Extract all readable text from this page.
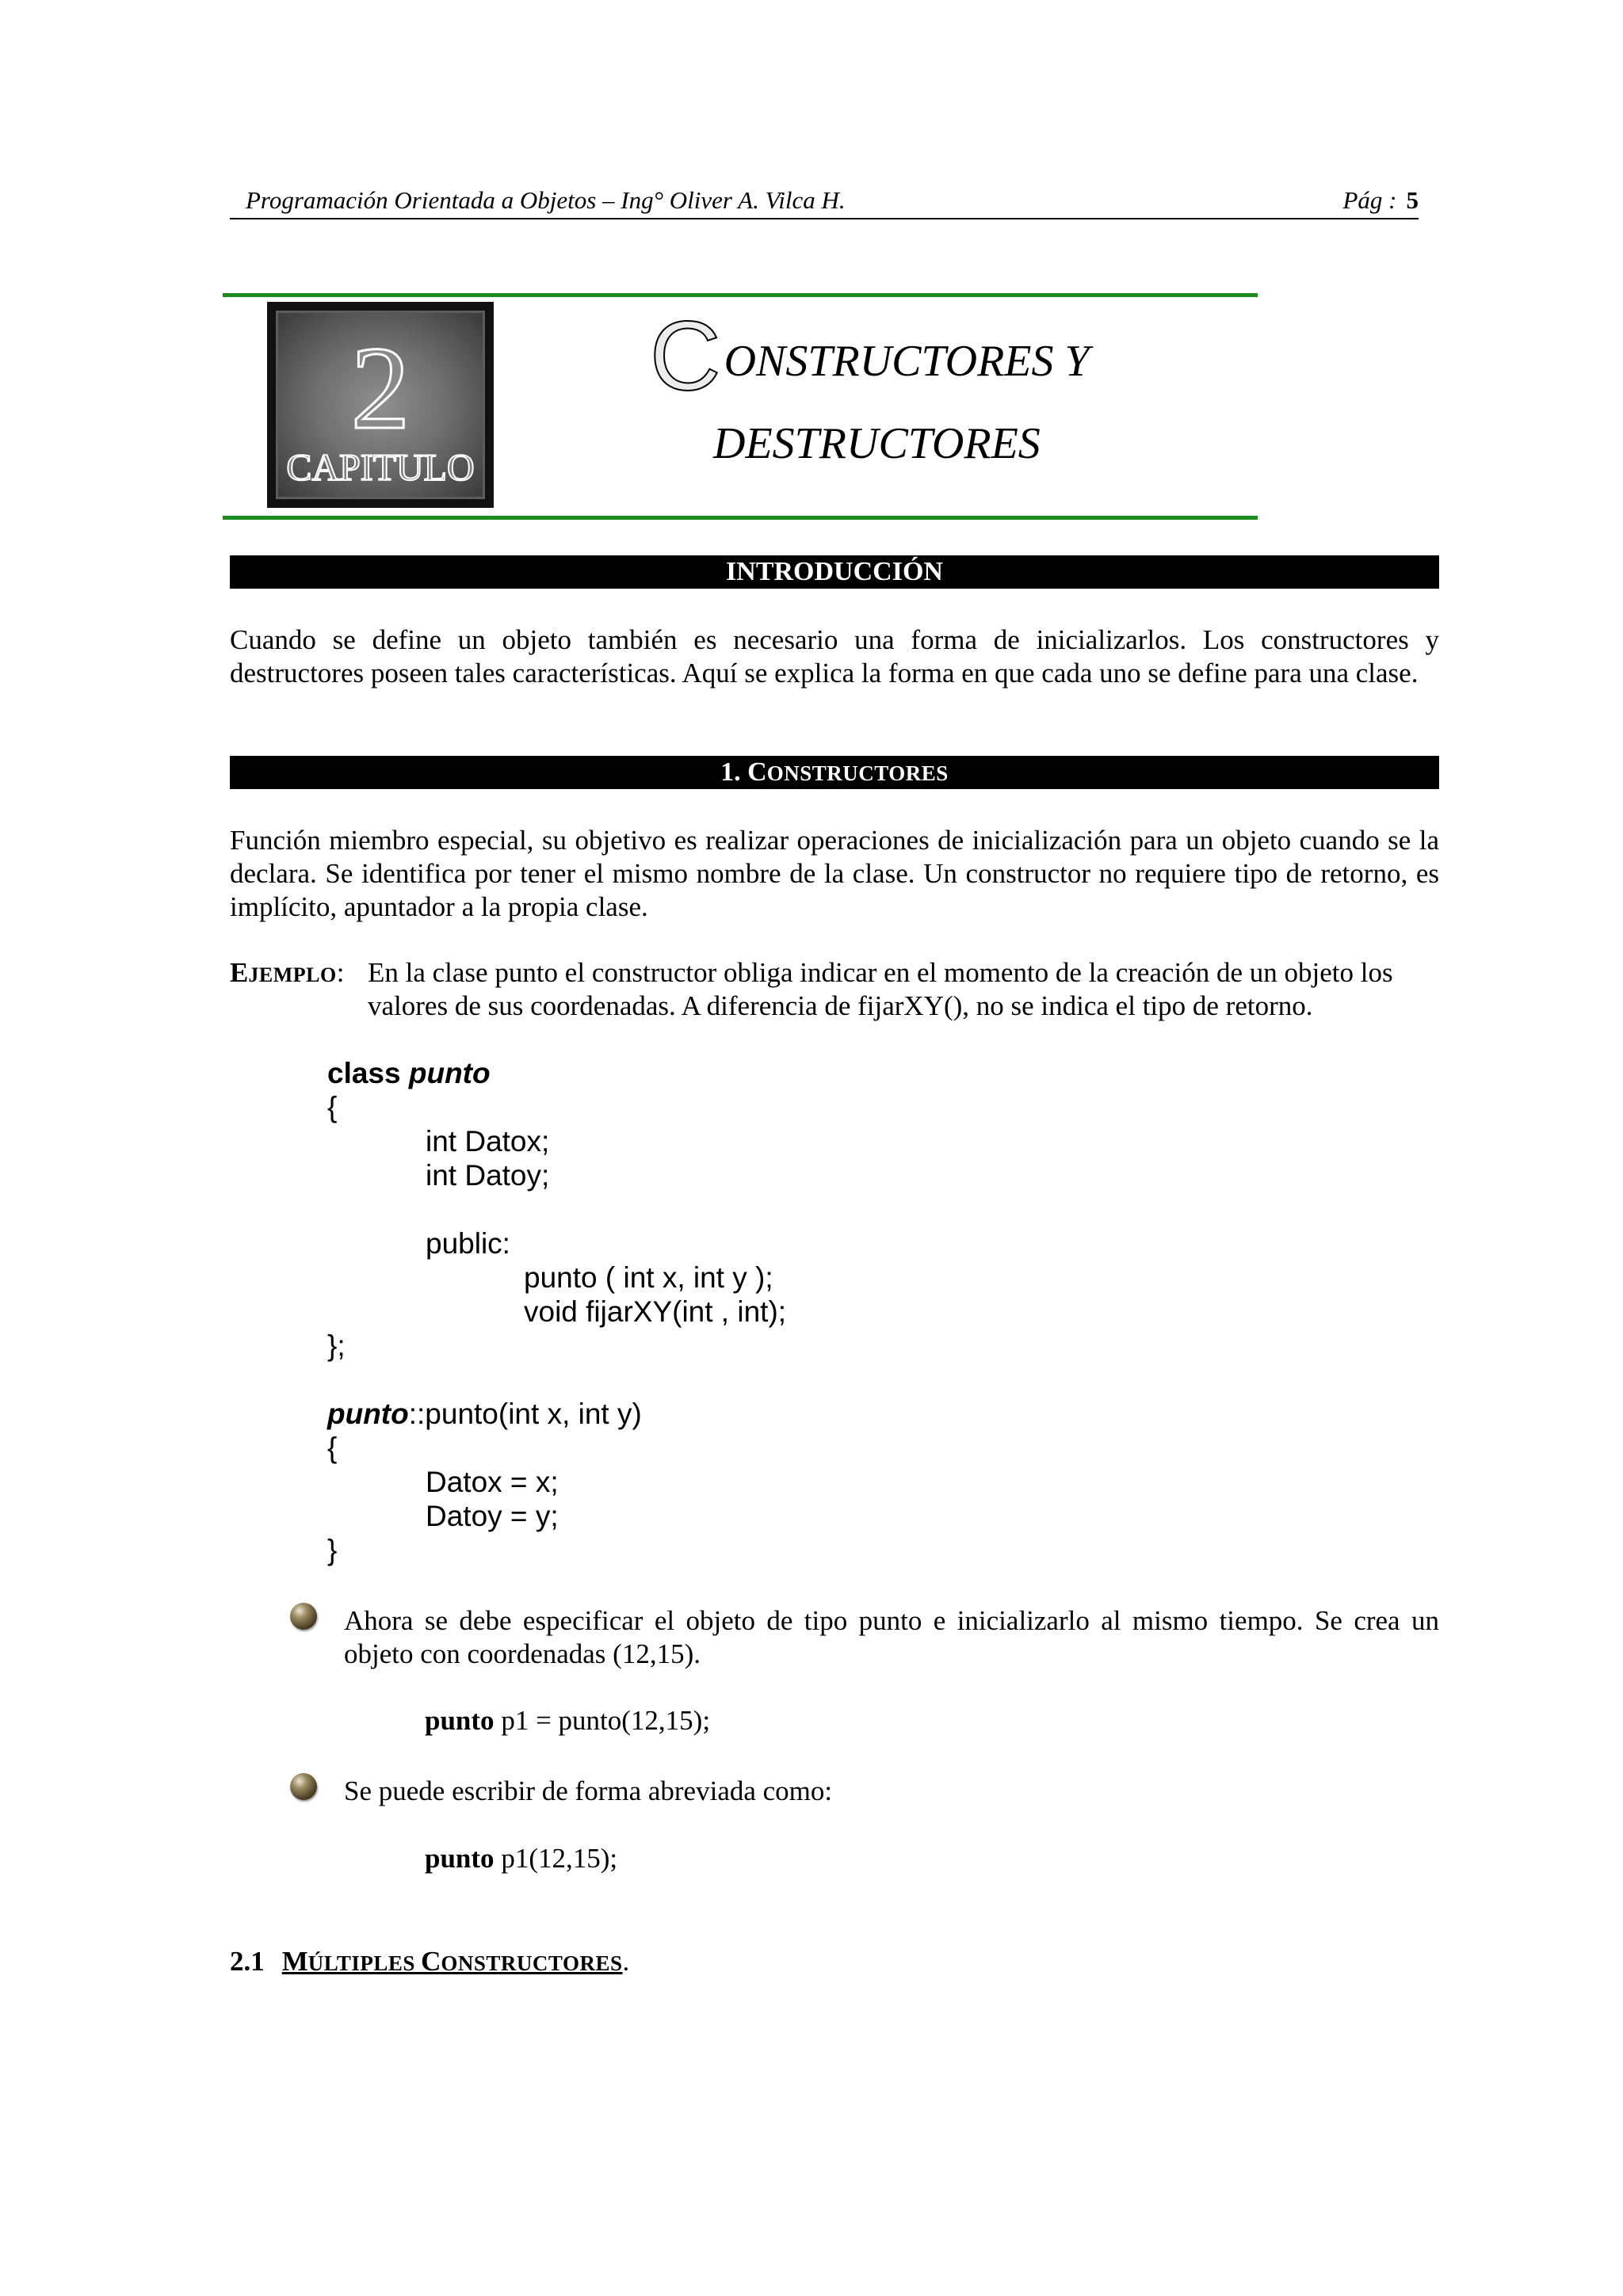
Programación Orientada a Objetos – Ing° Oliver A. Vilca H.	Pág : 5
2
CAPITULO
CONSTRUCTORES Y
DESTRUCTORES
INTRODUCCIÓN
Cuando se define un objeto también es necesario una forma de inicializarlos. Los constructores y destructores poseen tales características. Aquí se explica la forma en que cada uno se define para una clase.
1. CONSTRUCTORES
Función miembro especial, su objetivo es realizar operaciones de inicialización para un objeto cuando se la declara. Se identifica por tener el mismo nombre de la clase. Un constructor no requiere tipo de retorno, es implícito, apuntador a la propia clase.
EJEMPLO: En la clase punto el constructor obliga indicar en el momento de la creación de un objeto los valores de sus coordenadas. A diferencia de fijarXY(), no se indica el tipo de retorno.

class punto

{

int Datox;

int Datoy;

public:

punto ( int x, int y );

void fijarXY(int , int);

};

punto::punto(int x, int y)

{

Datox = x;

Datoy = y;

}

Ahora se debe especificar el objeto de tipo punto e inicializarlo al mismo tiempo. Se crea un objeto con coordenadas (12,15).
punto p1 = punto(12,15);
Se puede escribir de forma abreviada como:
punto p1(12,15);
2.1 MÚLTIPLES CONSTRUCTORES.
